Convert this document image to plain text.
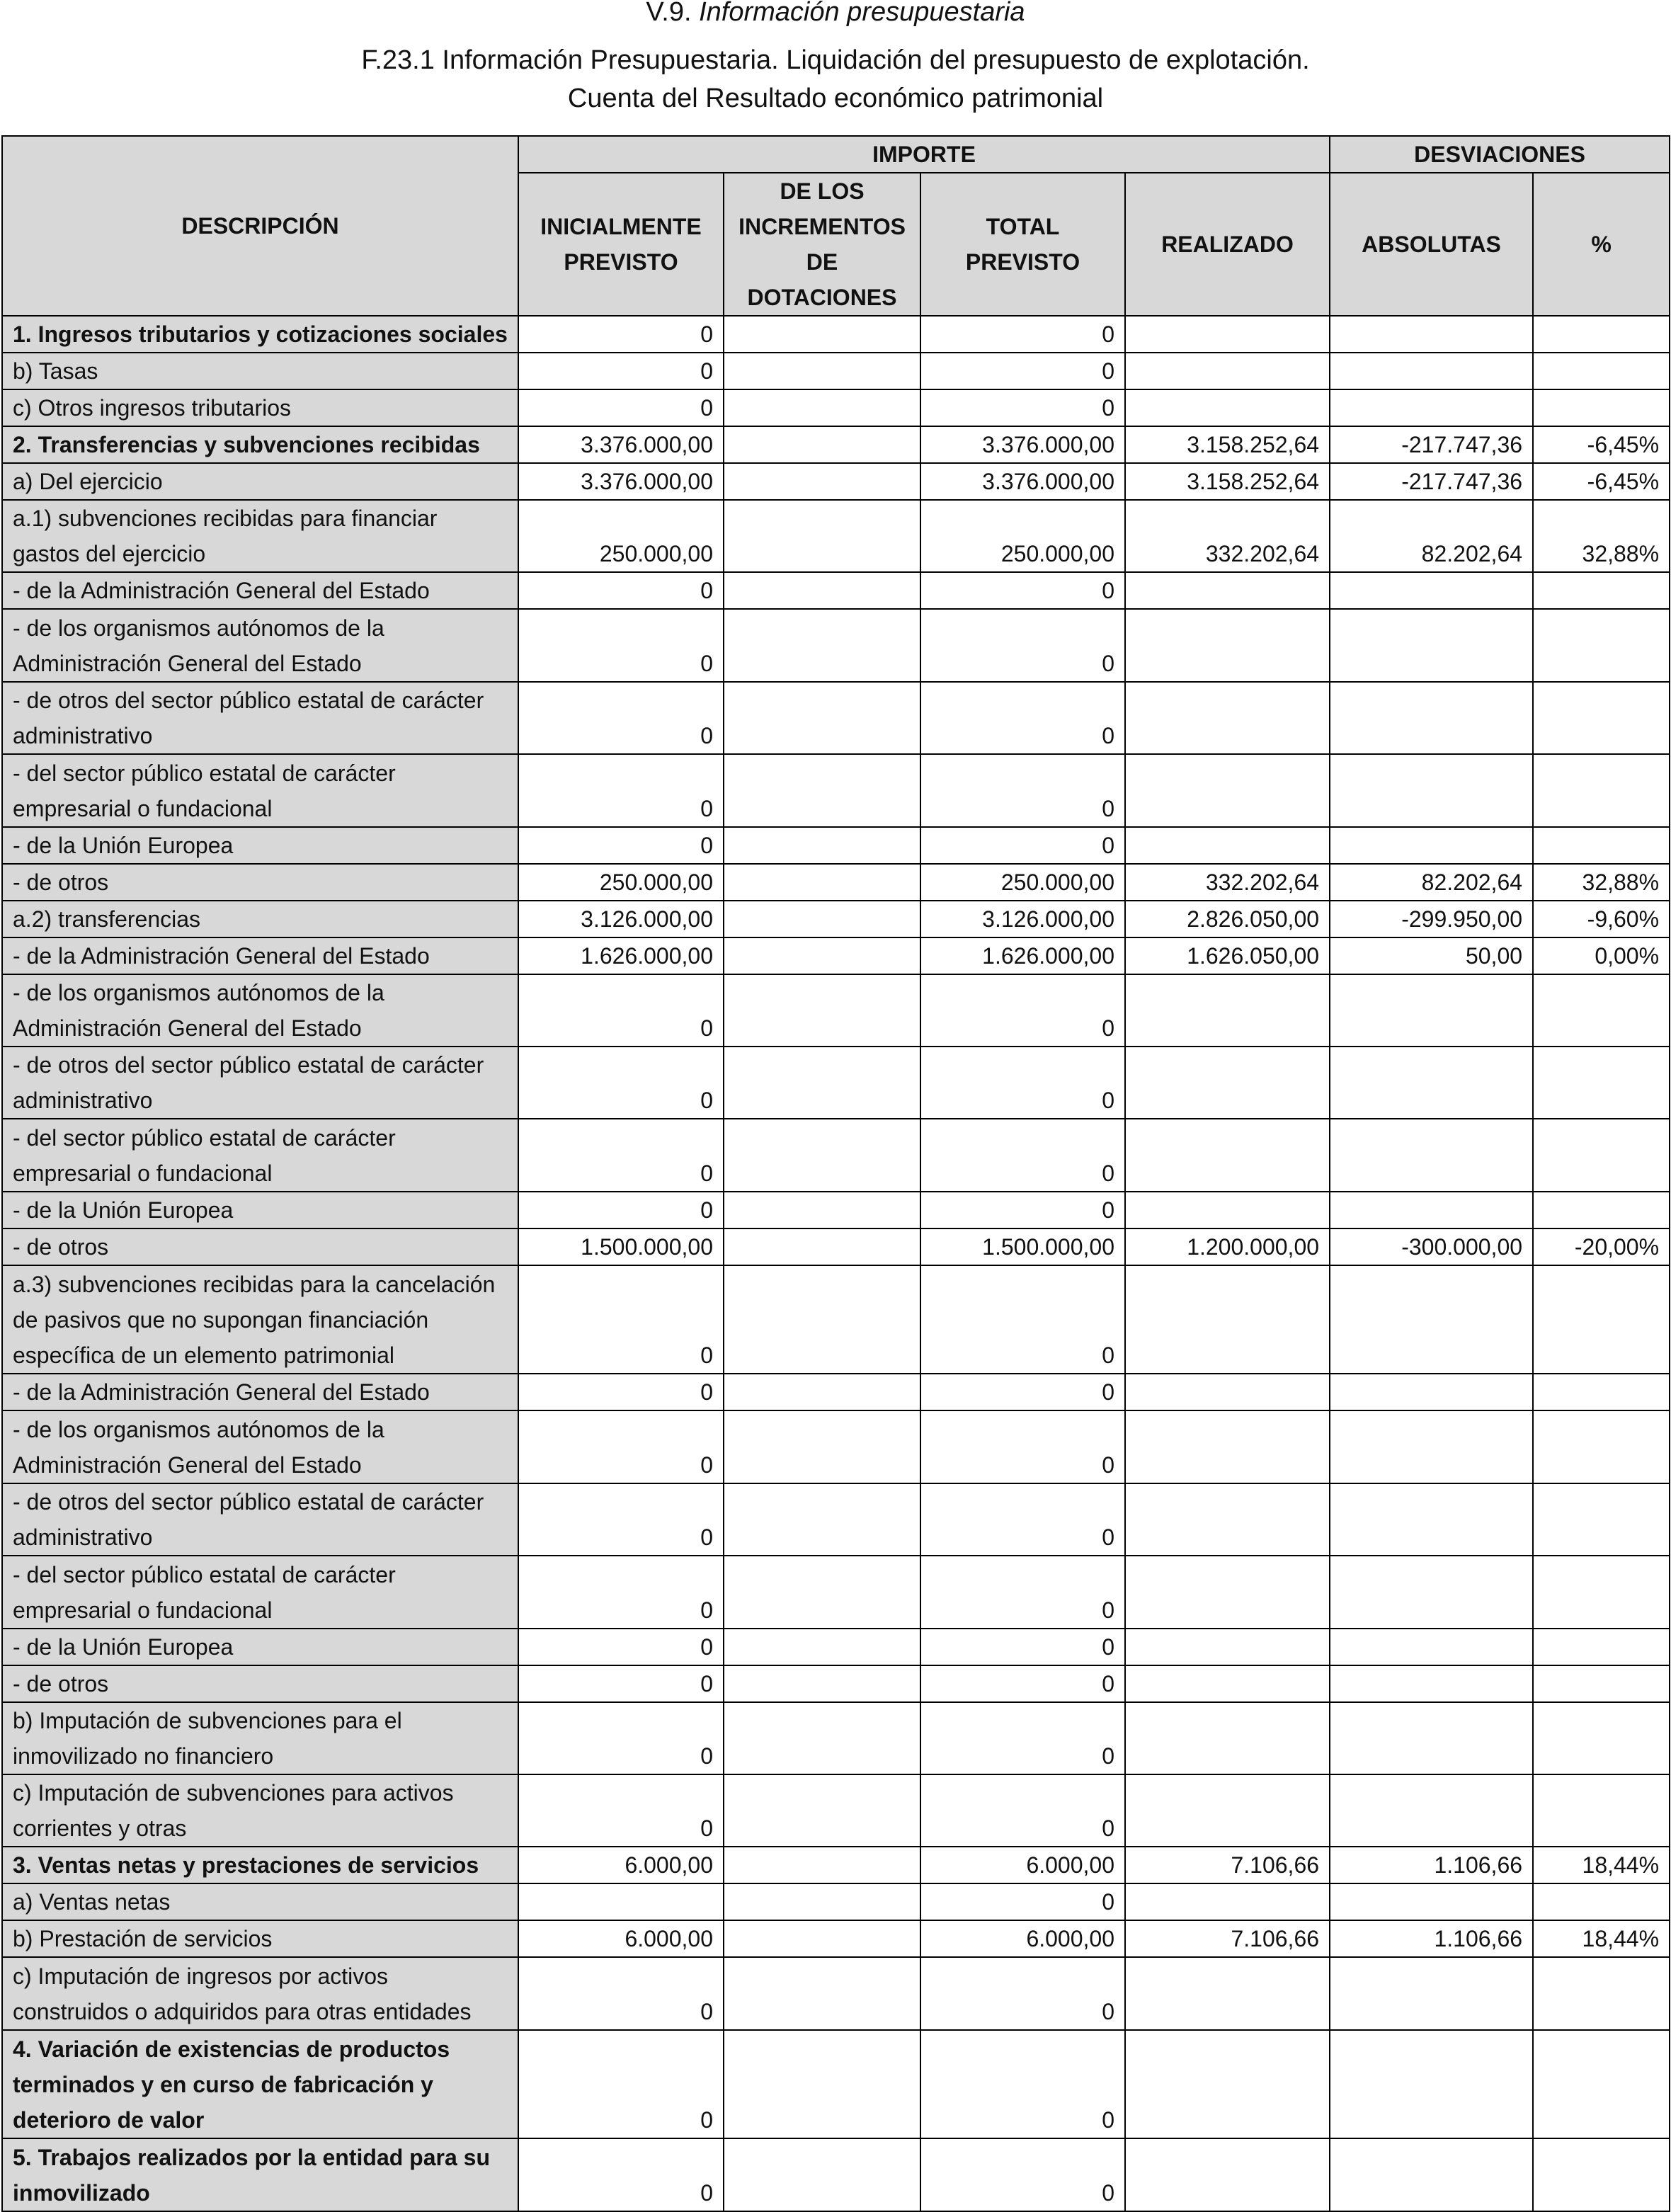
V.9. Información presupuestaria
F.23.1 Información Presupuestaria. Liquidación del presupuesto de explotación.
Cuenta del Resultado económico patrimonial
DESCRIPCIÓN	IMPORTE				DESVIACIONES	
	INICIALMENTE PREVISTO	DE LOS INCREMENTOS DE DOTACIONES	TOTAL PREVISTO	REALIZADO	ABSOLUTAS	%
1. Ingresos tributarios y cotizaciones sociales	0		0			
b) Tasas	0		0			
c) Otros ingresos tributarios	0		0			
2. Transferencias y subvenciones recibidas	3.376.000,00		3.376.000,00	3.158.252,64	-217.747,36	-6,45%
a) Del ejercicio	3.376.000,00		3.376.000,00	3.158.252,64	-217.747,36	-6,45%
a.1) subvenciones recibidas para financiar gastos del ejercicio	250.000,00		250.000,00	332.202,64	82.202,64	32,88%
- de la Administración General del Estado	0		0			
- de los organismos autónomos de la Administración General del Estado	0		0			
- de otros del sector público estatal de carácter administrativo	0		0			
- del sector público estatal de carácter empresarial o fundacional	0		0			
- de la Unión Europea	0		0			
- de otros	250.000,00		250.000,00	332.202,64	82.202,64	32,88%
a.2) transferencias	3.126.000,00		3.126.000,00	2.826.050,00	-299.950,00	-9,60%
- de la Administración General del Estado	1.626.000,00		1.626.000,00	1.626.050,00	50,00	0,00%
- de los organismos autónomos de la Administración General del Estado	0		0			
- de otros del sector público estatal de carácter administrativo	0		0			
- del sector público estatal de carácter empresarial o fundacional	0		0			
- de la Unión Europea	0		0			
- de otros	1.500.000,00		1.500.000,00	1.200.000,00	-300.000,00	-20,00%
a.3) subvenciones recibidas para la cancelación de pasivos que no supongan financiación específica de un elemento patrimonial	0		0			
- de la Administración General del Estado	0		0			
- de los organismos autónomos de la Administración General del Estado	0		0			
- de otros del sector público estatal de carácter administrativo	0		0			
- del sector público estatal de carácter empresarial o fundacional	0		0			
- de la Unión Europea	0		0			
- de otros	0		0			
b) Imputación de subvenciones para el inmovilizado no financiero	0		0			
c) Imputación de subvenciones para activos corrientes y otras	0		0			
3. Ventas netas y prestaciones de servicios	6.000,00		6.000,00	7.106,66	1.106,66	18,44%
a) Ventas netas			0			
b) Prestación de servicios	6.000,00		6.000,00	7.106,66	1.106,66	18,44%
c) Imputación de ingresos por activos construidos o adquiridos para otras entidades	0		0			
4. Variación de existencias de productos terminados y en curso de fabricación y deterioro de valor	0		0			
5. Trabajos realizados por la entidad para su inmovilizado	0		0			
